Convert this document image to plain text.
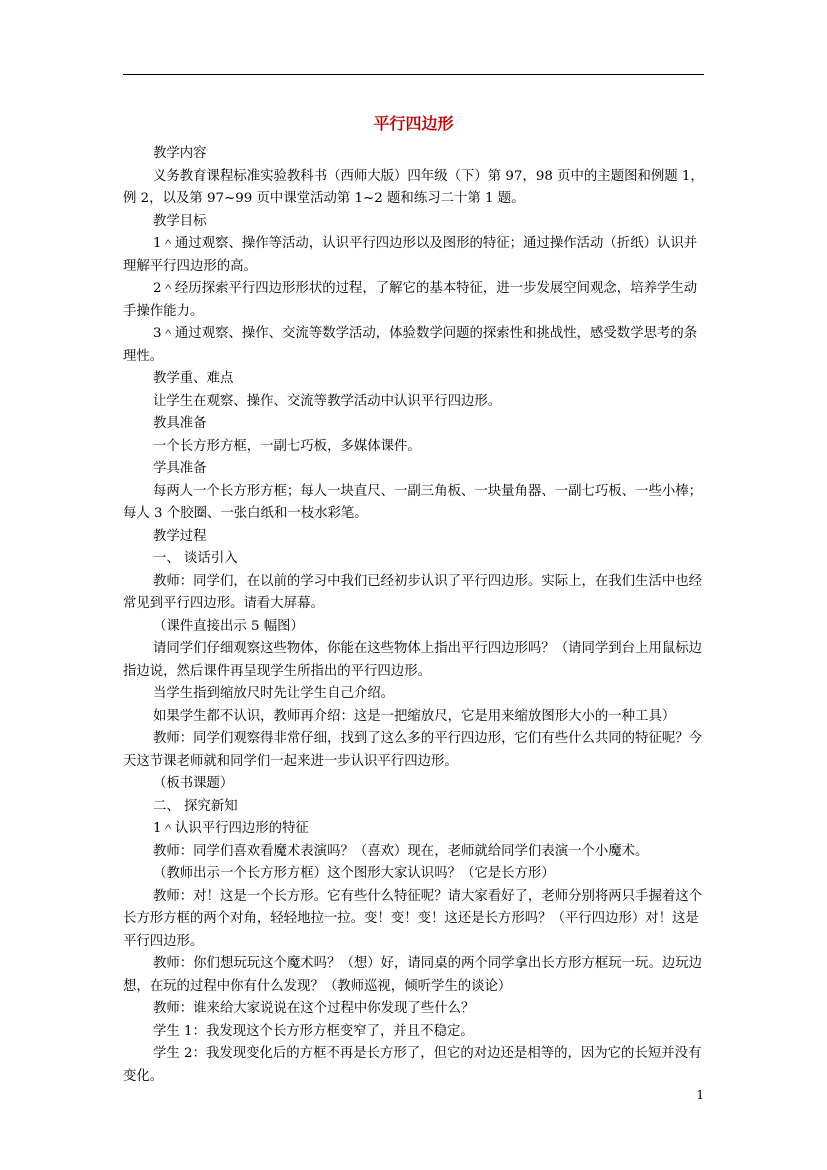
平行四边形

教学内容

义务教育课程标准实验教科书（西师大版）四年级（下）第 97，98 页中的主题图和例题 1，例 2，以及第 97~99 页中课堂活动第 1~2 题和练习二十第 1 题。

教学目标

1＾通过观察、操作等活动，认识平行四边形以及图形的特征；通过操作活动（折纸）认识并理解平行四边形的高。

2＾经历探索平行四边形形状的过程，了解它的基本特征，进一步发展空间观念，培养学生动手操作能力。

3＾通过观察、操作、交流等数学活动，体验数学问题的探索性和挑战性，感受数学思考的条理性。

教学重、难点

让学生在观察、操作、交流等教学活动中认识平行四边形。

教具准备

一个长方形方框，一副七巧板，多媒体课件。

学具准备

每两人一个长方形方框；每人一块直尺、一副三角板、一块量角器、一副七巧板、一些小棒；每人 3 个胶圈、一张白纸和一枝水彩笔。

教学过程

一、 谈话引入

教师：同学们，在以前的学习中我们已经初步认识了平行四边形。实际上，在我们生活中也经常见到平行四边形。请看大屏幕。

（课件直接出示 5 幅图）

请同学们仔细观察这些物体，你能在这些物体上指出平行四边形吗？（请同学到台上用鼠标边指边说，然后课件再呈现学生所指出的平行四边形。

当学生指到缩放尺时先让学生自己介绍。

如果学生都不认识，教师再介绍：这是一把缩放尺，它是用来缩放图形大小的一种工具）

教师：同学们观察得非常仔细，找到了这么多的平行四边形，它们有些什么共同的特征呢？今天这节课老师就和同学们一起来进一步认识平行四边形。

（板书课题）

二、 探究新知

1＾认识平行四边形的特征

教师：同学们喜欢看魔术表演吗？（喜欢）现在，老师就给同学们表演一个小魔术。

（教师出示一个长方形方框）这个图形大家认识吗？（它是长方形）

教师：对！这是一个长方形。它有些什么特征呢？请大家看好了，老师分别将两只手握着这个长方形方框的两个对角，轻轻地拉一拉。变！变！变！这还是长方形吗？（平行四边形）对！这是平行四边形。

教师：你们想玩玩这个魔术吗？（想）好，请同桌的两个同学拿出长方形方框玩一玩。边玩边想，在玩的过程中你有什么发现？（教师巡视，倾听学生的谈论）

教师：谁来给大家说说在这个过程中你发现了些什么？

学生 1：我发现这个长方形方框变窄了，并且不稳定。

学生 2：我发现变化后的方框不再是长方形了，但它的对边还是相等的，因为它的长短并没有变化。

1
